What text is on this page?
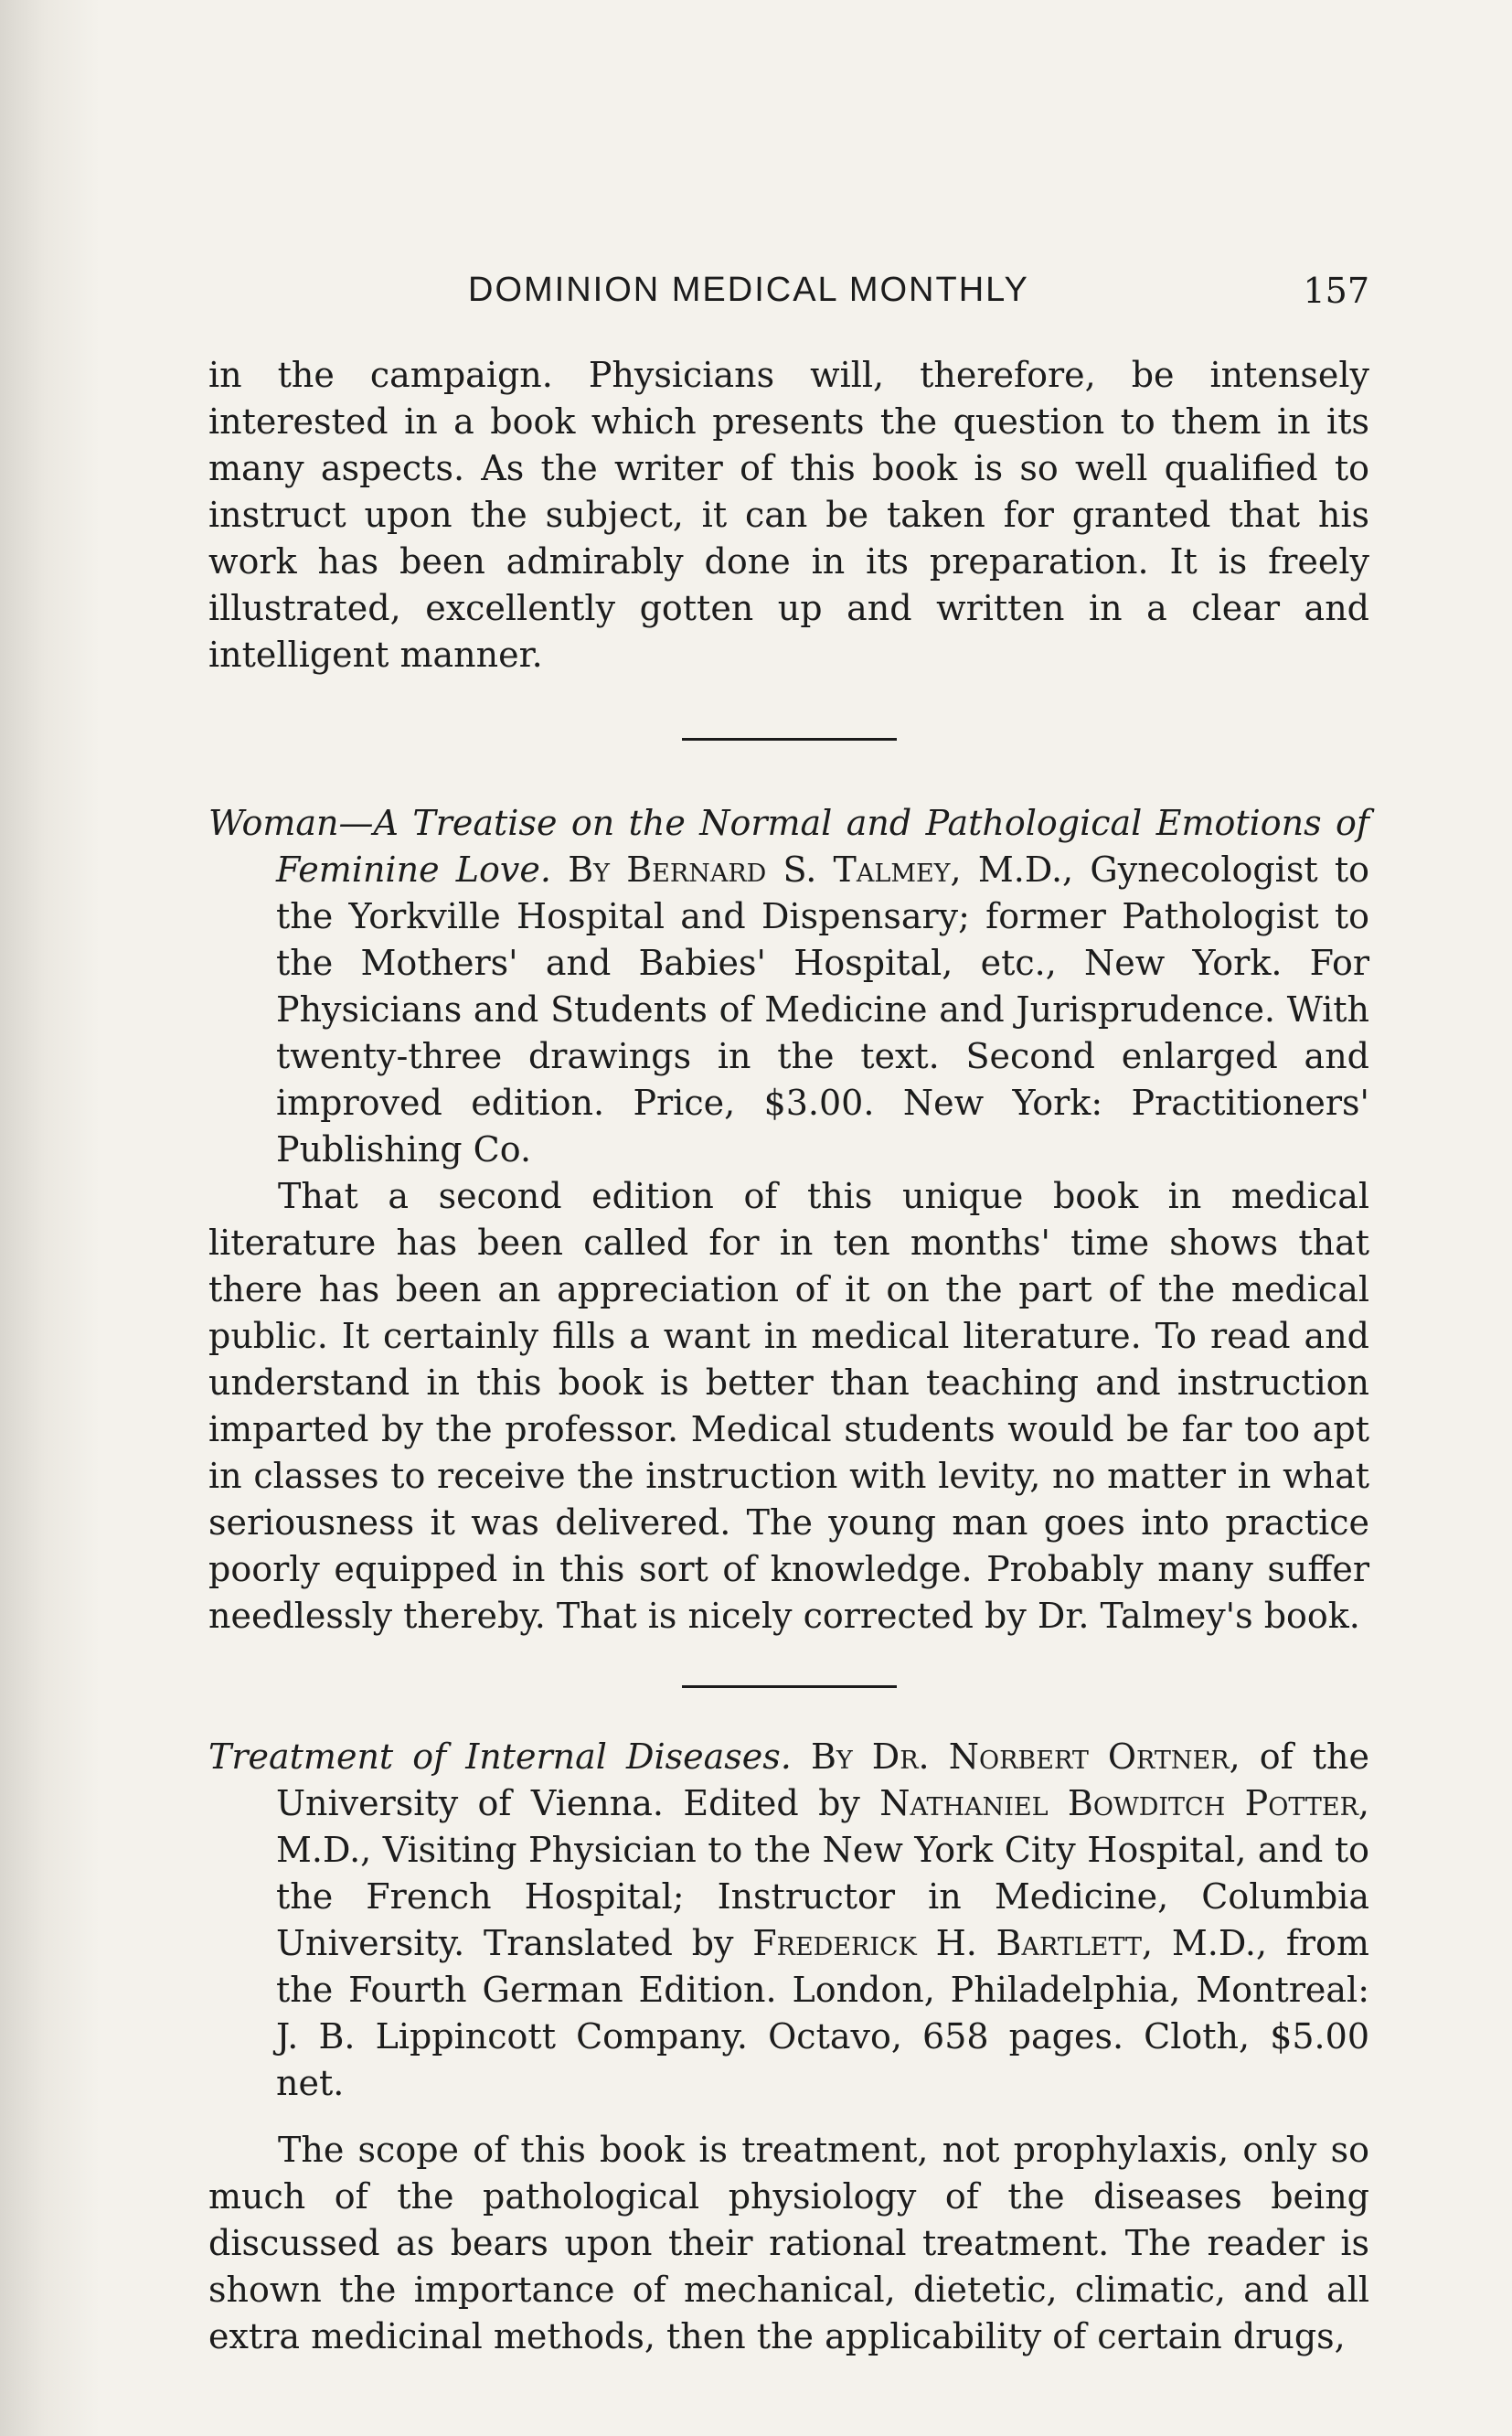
DOMINION MEDICAL MONTHLY	157

in the campaign. Physicians will, therefore, be intensely interested in a book which presents the question to them in its many aspects. As the writer of this book is so well qualified to instruct upon the subject, it can be taken for granted that his work has been admirably done in its preparation. It is freely illustrated, excellently gotten up and written in a clear and intelligent manner.

Woman—A Treatise on the Normal and Pathological Emotions of Feminine Love. By Bernard S. Talmey, M.D., Gynecologist to the Yorkville Hospital and Dispensary; former Pathologist to the Mothers' and Babies' Hospital, etc., New York. For Physicians and Students of Medicine and Jurisprudence. With twenty-three drawings in the text. Second enlarged and improved edition. Price, $3.00. New York: Practitioners' Publishing Co.

That a second edition of this unique book in medical literature has been called for in ten months' time shows that there has been an appreciation of it on the part of the medical public. It certainly fills a want in medical literature. To read and understand in this book is better than teaching and instruction imparted by the professor. Medical students would be far too apt in classes to receive the instruction with levity, no matter in what seriousness it was delivered. The young man goes into practice poorly equipped in this sort of knowledge. Probably many suffer needlessly thereby. That is nicely corrected by Dr. Talmey's book.

Treatment of Internal Diseases. By Dr. Norbert Ortner, of the University of Vienna. Edited by Nathaniel Bowditch Potter, M.D., Visiting Physician to the New York City Hospital, and to the French Hospital; Instructor in Medicine, Columbia University. Translated by Frederick H. Bartlett, M.D., from the Fourth German Edition. London, Philadelphia, Montreal: J. B. Lippincott Company. Octavo, 658 pages. Cloth, $5.00 net.

The scope of this book is treatment, not prophylaxis, only so much of the pathological physiology of the diseases being discussed as bears upon their rational treatment. The reader is shown the importance of mechanical, dietetic, climatic, and all extra medicinal methods, then the applicability of certain drugs,
